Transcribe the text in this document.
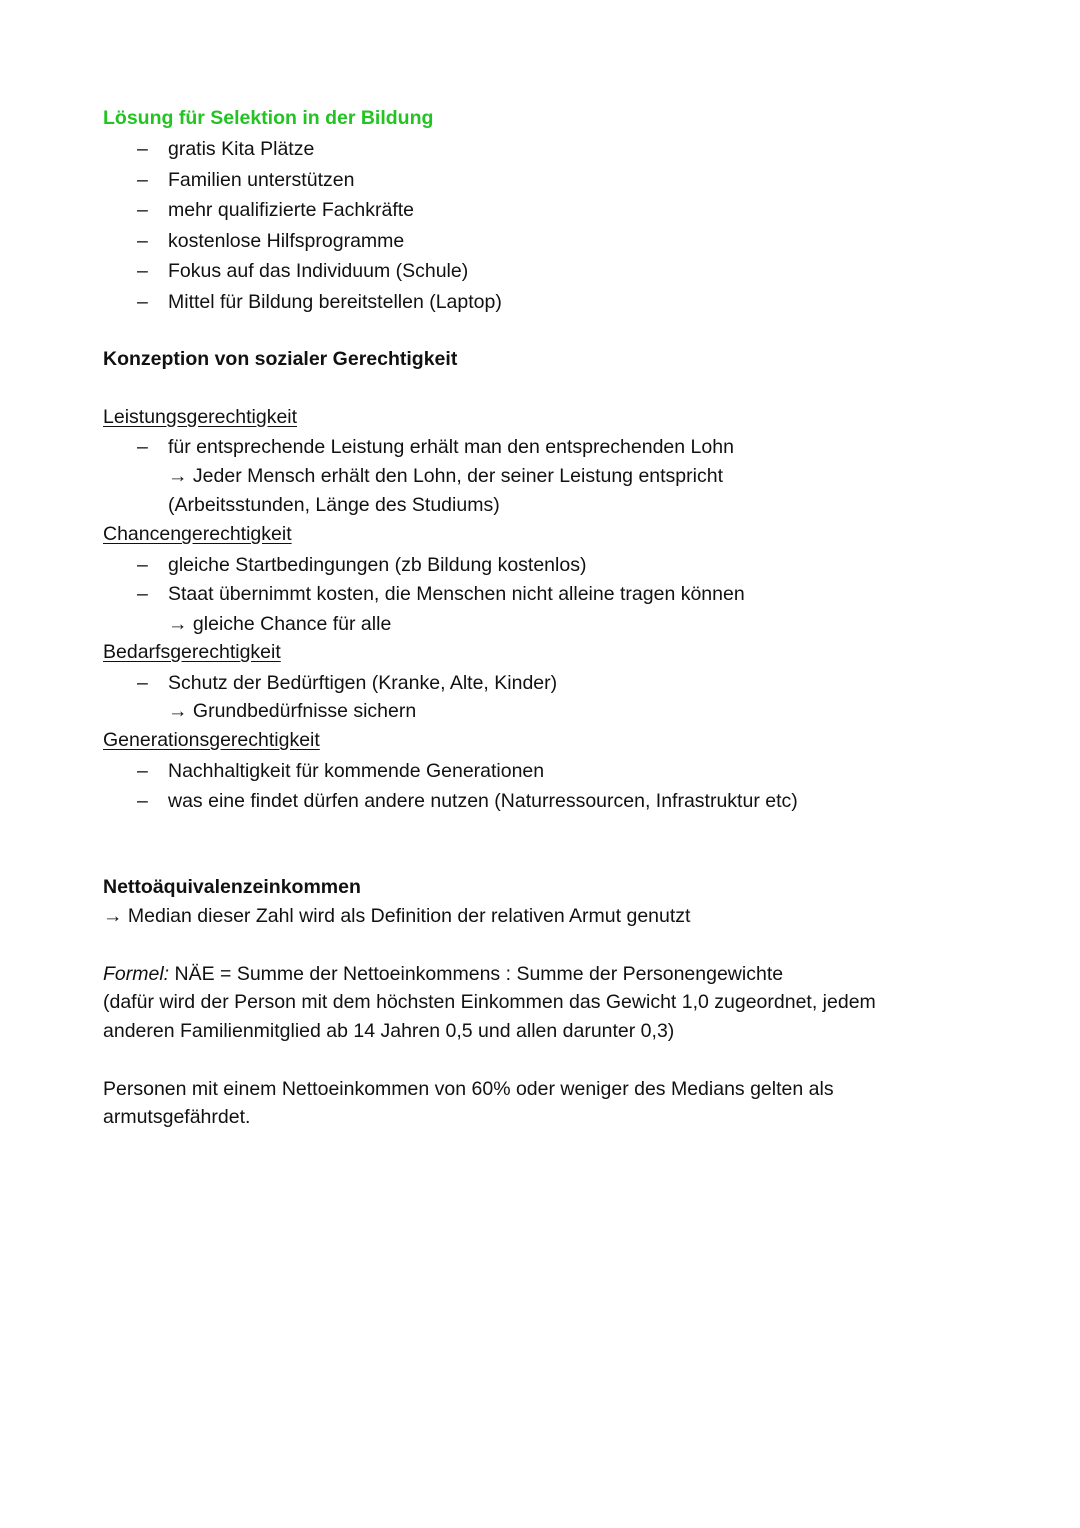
Lösung für Selektion in der Bildung
– gratis Kita Plätze
– Familien unterstützen
– mehr qualifizierte Fachkräfte
– kostenlose Hilfsprogramme
– Fokus auf das Individuum (Schule)
– Mittel für Bildung bereitstellen (Laptop)
Konzeption von sozialer Gerechtigkeit
Leistungsgerechtigkeit
– für entsprechende Leistung erhält man den entsprechenden Lohn
→ Jeder Mensch erhält den Lohn, der seiner Leistung entspricht
(Arbeitsstunden, Länge des Studiums)
Chancengerechtigkeit
– gleiche Startbedingungen (zb Bildung kostenlos)
– Staat übernimmt kosten, die Menschen nicht alleine tragen können
→ gleiche Chance für alle
Bedarfsgerechtigkeit
– Schutz der Bedürftigen (Kranke, Alte, Kinder)
→ Grundbedürfnisse sichern
Generationsgerechtigkeit
– Nachhaltigkeit für kommende Generationen
– was eine findet dürfen andere nutzen (Naturressourcen, Infrastruktur etc)
Nettoäquivalenzeinkommen
→ Median dieser Zahl wird als Definition der relativen Armut genutzt
Formel: NÄE = Summe der Nettoeinkommens : Summe der Personengewichte
(dafür wird der Person mit dem höchsten Einkommen das Gewicht 1,0 zugeordnet, jedem
anderen Familienmitglied ab 14 Jahren 0,5 und allen darunter 0,3)
Personen mit einem Nettoeinkommen von 60% oder weniger des Medians gelten als
armutsgefährdet.
